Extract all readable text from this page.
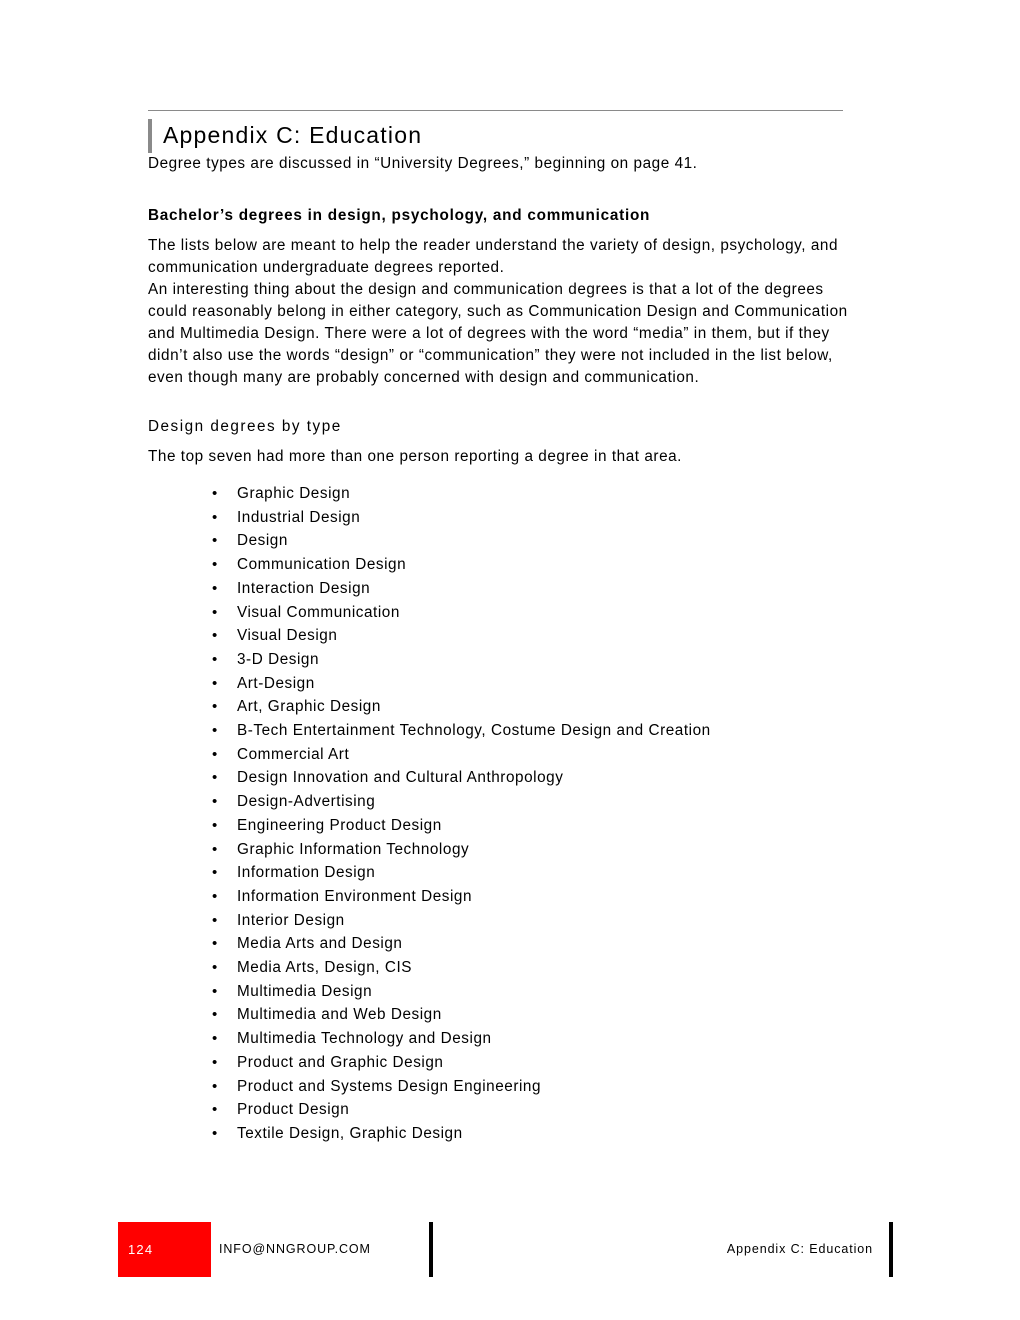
Appendix C: Education

Degree types are discussed in “University Degrees,” beginning on page 41.

Bachelor’s degrees in design, psychology, and communication

The lists below are meant to help the reader understand the variety of design, psychology, and communication undergraduate degrees reported.

An interesting thing about the design and communication degrees is that a lot of the degrees could reasonably belong in either category, such as Communication Design and Communication and Multimedia Design. There were a lot of degrees with the word “media” in them, but if they didn’t also use the words “design” or “communication” they were not included in the list below, even though many are probably concerned with design and communication.

Design degrees by type

The top seven had more than one person reporting a degree in that area.

• Graphic Design
• Industrial Design
• Design
• Communication Design
• Interaction Design
• Visual Communication
• Visual Design
• 3-D Design
• Art-Design
• Art, Graphic Design
• B-Tech Entertainment Technology, Costume Design and Creation
• Commercial Art
• Design Innovation and Cultural Anthropology
• Design-Advertising
• Engineering Product Design
• Graphic Information Technology
• Information Design
• Information Environment Design
• Interior Design
• Media Arts and Design
• Media Arts, Design, CIS
• Multimedia Design
• Multimedia and Web Design
• Multimedia Technology and Design
• Product and Graphic Design
• Product and Systems Design Engineering
• Product Design
• Textile Design, Graphic Design
124	INFO@NNGROUP.COM	Appendix C: Education
